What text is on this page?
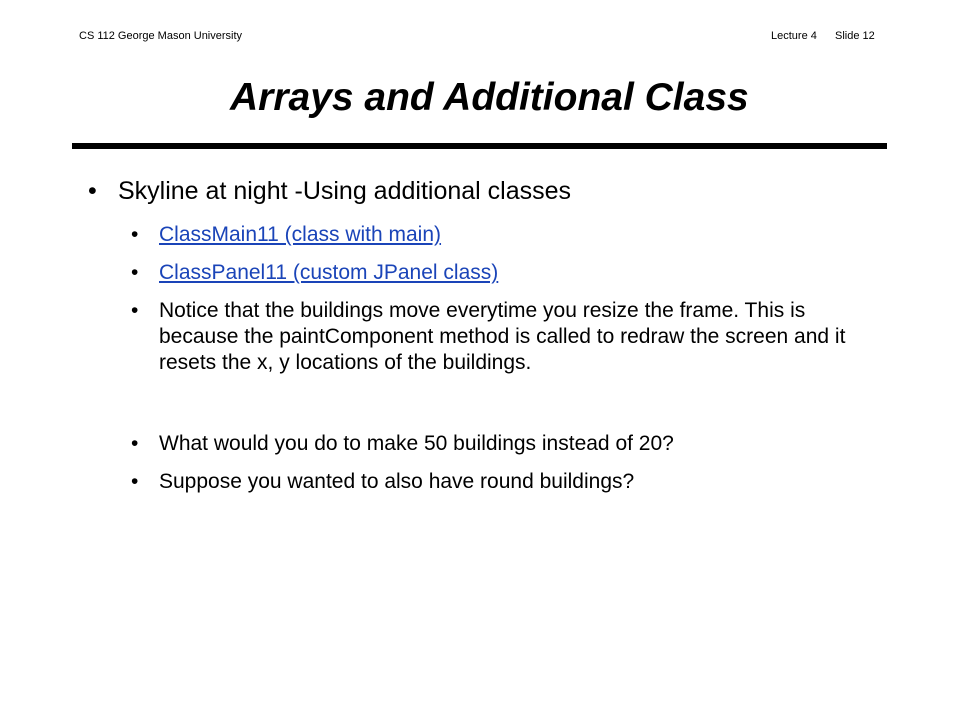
CS 112 George Mason University	Lecture 4 Slide 12
Arrays and Additional Class
• Skyline at night -Using additional classes
• ClassMain11 (class with main)
• ClassPanel11 (custom JPanel class)
• Notice that the buildings move everytime you resize the frame. This is because the paintComponent method is called to redraw the screen and it resets the x, y locations of the buildings.
• What would you do to make 50 buildings instead of 20?
• Suppose you wanted to also have round buildings?
